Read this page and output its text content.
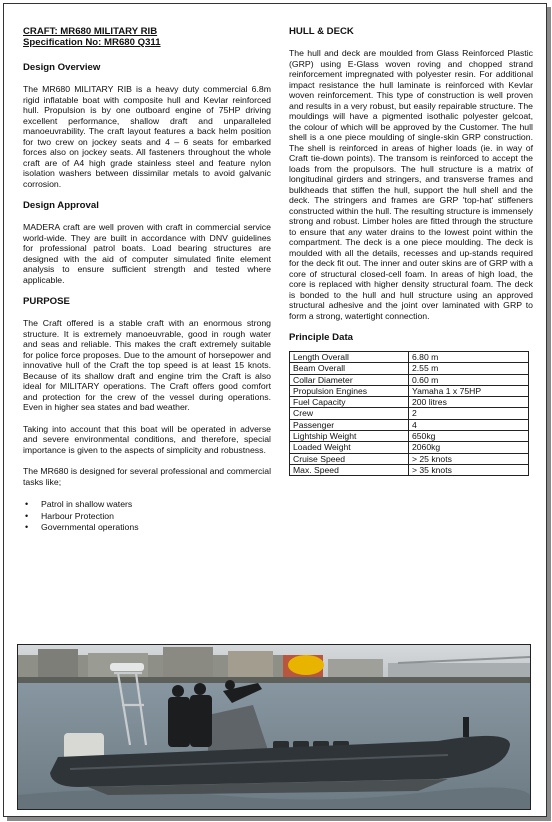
CRAFT: MR680 MILITARY RIB
Specification No: MR680 Q311
Design Overview

The MR680 MILITARY RIB is a heavy duty commercial 6.8m rigid inflatable boat with composite hull and Kevlar reinforced hull. Propulsion is by one outboard engine of 75HP driving excellent performance, shallow draft and unparalleled manoeuvrability. The craft layout features a back helm position for two crew on jockey seats and 4 – 6 seats for embarked forces also on jockey seats. All fasteners throughout the whole craft are of A4 high grade stainless steel and feature nylon isolation washers between dissimilar metals to avoid galvanic corrosion.

Design Approval

MADERA craft are well proven with craft in commercial service world-wide. They are built in accordance with DNV guidelines for professional patrol boats. Load bearing structures are designed with the aid of computer simulated finite element analysis to ensure sufficient strength and tested where applicable.

PURPOSE

The Craft offered is a stable craft with an enormous strong structure. It is extremely manoeuvrable, good in rough water and seas and reliable. This makes the craft extremely suitable for police force proposes. Due to the amount of horsepower and innovative hull of the Craft the top speed is at least 15 knots. Because of its shallow draft and engine trim the Craft is also ideal for MILITARY operations. The Craft offers good comfort and protection for the crew of the vessel during operations. Even in higher sea states and bad weather.

Taking into account that this boat will be operated in adverse and severe environmental conditions, and therefore, special importance is given to the aspects of simplicity and robustness.

The MR680 is designed for several professional and commercial tasks like;

• Patrol in shallow waters
• Harbour Protection
• Governmental operations
HULL & DECK

The hull and deck are moulded from Glass Reinforced Plastic (GRP) using E-Glass woven roving and chopped strand reinforcement impregnated with polyester resin. For additional impact resistance the hull laminate is reinforced with Kevlar woven reinforcement. This type of construction is well proven and results in a very robust, but easily repairable structure. The mouldings will have a pigmented isothalic polyester gelcoat, the colour of which will be approved by the Customer. The hull shell is a one piece moulding of single-skin GRP construction. The shell is reinforced in areas of higher loads (ie. in way of Craft tie-down points). The transom is reinforced to accept the loads from the propulsors. The hull structure is a matrix of longitudinal girders and stringers, and transverse frames and bulkheads that stiffen the hull, support the hull shell and the deck. The stringers and frames are GRP 'top-hat' stiffeners constructed within the hull. The resulting structure is immensely strong and robust. Limber holes are fitted through the structure to ensure that any water drains to the lowest point within the compartment. The deck is a one piece moulding. The deck is moulded with all the details, recesses and up-stands required for the deck fit out. The inner and outer skins are of GRP with a core of structural closed-cell foam. In areas of high load, the core is replaced with higher density structural foam. The deck is bonded to the hull and hull structure using an approved structural adhesive and the joint over laminated with GRP to form a strong, watertight connection.

Principle Data
Length Overall	6.80 m
Beam Overall	2.55 m
Collar Diameter	0.60 m
Propulsion Engines	Yamaha 1 x 75HP
Fuel Capacity	200 litres
Crew	2
Passenger	4
Lightship Weight	650kg
Loaded Weight	2060kg
Cruise Speed	> 25 knots
Max. Speed	> 35 knots
